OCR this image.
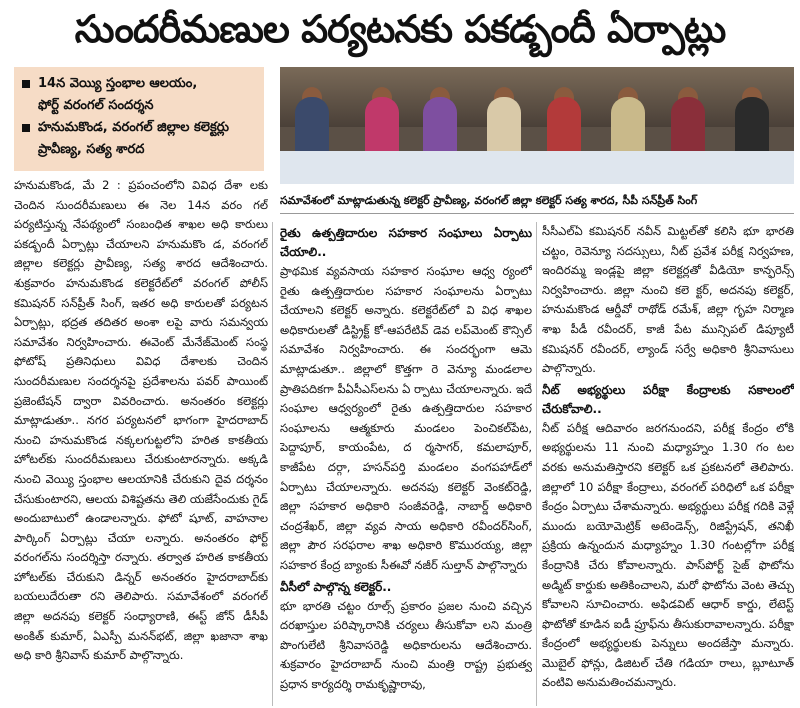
సుందరీమణుల పర్యటనకు పకడ్బందీ ఏర్పాట్లు
14న వెయ్యి స్తంభాల ఆలయం,
ఫోర్ట్ వరంగల్ సందర్శన
హనుమకొండ, వరంగల్ జిల్లాల కలెక్టర్లు
ప్రావీణ్య, సత్య శారద
సమావేశంలో మాట్లాడుతున్న కలెక్టర్ ప్రావీణ్య, వరంగల్ జిల్లా కలెక్టర్ సత్య శారద, సీపీ సన్‌ప్రీత్ సింగ్

హనుమకొండ, మే 2 : ప్రపంచంలోని వివిధ దేశా లకు చెందిన సుందరీమణులు ఈ నెల 14న వరం గల్ పర్యటిస్తున్న నేపథ్యంలో సంబంధిత శాఖల అధి కారులు పకడ్బందీ ఏర్పాట్లు చేయాలని హనుమకొం డ, వరంగల్ జిల్లాల కలెక్టర్లు ప్రావీణ్య, సత్య శారద ఆదేశించారు. శుక్రవారం హనుమకొండ కలెక్టరేట్‌లో వరంగల్ పోలీస్ కమిషనర్ సన్‌ప్రీత్ సింగ్, ఇతర అధి కారులతో పర్యటన ఏర్పాట్లు, భద్రత తదితర అంశా లపై వారు సమన్వయ సమావేశం నిర్వహించారు. ఈవెంట్ మేనేజ్‌మెంట్ సంస్థ ఫోటోష్ ప్రతినిధులు వివిధ దేశాలకు చెందిన సుందరీమణుల సందర్శనపై ప్రదేశాలను పవర్ పాయింట్ ప్రజెంటేషన్ ద్వారా వివరించారు. అనంతరం కలెక్టర్లు మాట్లాడుతూ.. నగర పర్యటనలో భాగంగా హైదరాబాద్ నుంచి హనుమకొండ నక్కలగుట్టలోని హరిత కాకతీయ హోటల్‌కు సుందరీమణులు చేరుకుంటారన్నారు. అక్కడి నుంచి వెయ్యి స్తంభాల ఆలయానికి చేరుకుని దైవ దర్శనం చేసుకుంటారని, ఆలయ విశిష్టతను తెలి యజేసేందుకు గైడ్ అందుబాటులో ఉండాలన్నారు. ఫోటో షూట్, వాహనాల పార్కింగ్ ఏర్పాట్లు చేయా లన్నారు. అనంతరం ఫోర్ట్ వరంగల్‌ను సందర్శిస్తా రన్నారు. తర్వాత హరిత కాకతీయ హోటల్‌కు చేరుకుని డిన్నర్ అనంతరం హైదరాబాద్‌కు బయలుదేరుతా రని తెలిపారు. సమావేశంలో వరంగల్ జిల్లా అదనపు కలెక్టర్ సంధ్యారాణి, ఈస్ట్ జోన్ డీసీపీ అంకిత్ కుమార్, ఏఎస్పీ మనన్‌భట్, జిల్లా ఖజానా శాఖ అధి కారి శ్రీనివాస్ కుమార్ పాల్గొన్నారు.

రైతు ఉత్పత్తిదారుల సహకార సంఘాలు ఏర్పాటు చేయాలి..

ప్రాథమిక వ్యవసాయ సహకార సంఘాల ఆధ్వ ర్యంలో రైతు ఉత్పత్తిదారుల సహకార సంఘాలను ఏర్పాటు చేయాలని కలెక్టర్ అన్నారు. కలెక్టరేట్‌లో వి విధ శాఖల అధికారులతో డిస్ట్రిక్ట్ కో-ఆపరేటివ్ డెవ లప్‌మెంట్ కౌన్సిల్ సమావేశం నిర్వహించారు. ఈ సందర్భంగా ఆమె మాట్లాడుతూ.. జిల్లాలో కొత్తగా రె వెన్యూ మండలాల ప్రాతిపదికగా పీఏసీఎస్‌లను ఏ ర్పాటు చేయాలన్నారు. ఇదే సంఘాల ఆధ్వర్యంలో రైతు ఉత్పత్తిదారుల సహకార సంఘాలను ఆత్మకూరు మండలం పెంచికల్‌పేట, పెద్దాపూర్, కాయంపేట, ద ర్మసాగర్, కమలాపూర్, కాజీపేట దర్గా, హసన్‌పర్తి మండలం వంగపహాడ్‌లో ఏర్పాటు చేయాలన్నారు. అదనపు కలెక్టర్ వెంకట్‌రెడ్డి, జిల్లా సహకార అధికారి సంజీవరెడ్డి, నాబార్డ్ అధికారి చంద్రశేఖర్, జిల్లా వ్యవ సాయ అధికారి రవీందర్‌సింగ్, జిల్లా పౌర సరఫరాల శాఖ అధికారి కొమురయ్య, జిల్లా సహకార కేంద్ర బ్యాంకు సీఈవో నజీర్ సుల్తాన్ పాల్గొన్నారు

వీసీలో పాల్గొన్న కలెక్టర్..

భూ భారతి చట్టం రూల్స్ ప్రకారం ప్రజల నుంచి వచ్చిన దరఖాస్తుల పరిష్కారానికి చర్యలు తీసుకోవా లని మంత్రి పొంగులేటి శ్రీనివాసరెడ్డి అధికారులను ఆదేశించారు. శుక్రవారం హైదరాబాద్ నుంచి మంత్రి రాష్ట్ర ప్రభుత్వ ప్రధాన కార్యదర్శి రామకృష్ణారావు,

సీసీఎల్ఏ కమిషనర్ నవీన్ మిట్టల్‌తో కలిసి భూ భారతి చట్టం, రెవెన్యూ సదస్సులు, నీట్ ప్రవేశ పరీక్ష నిర్వహణ, ఇందిరమ్మ ఇండ్లపై జిల్లా కలెక్టర్లతో వీడియో కాన్ఫరెన్స్ నిర్వహించారు. జిల్లా నుంచి కలె క్టర్, అదనపు కలెక్టర్, హనుమకొండ ఆర్డీవో రాథోడ్ రమేశ్, జిల్లా గృహ నిర్మాణ శాఖ పీడీ రవీందర్, కాజీ పేట మున్సిపల్ డిప్యూటీ కమిషనర్ రవీందర్, ల్యాండ్ సర్వే అధికారి శ్రీనివాసులు పాల్గొన్నారు.

నీట్ అభ్యర్థులు పరీక్షా కేంద్రాలకు సకాలంలో చేరుకోవాలి..

నీట్ పరీక్ష ఆదివారం జరగనుందని, పరీక్ష కేంద్రం లోకి అభ్యర్థులను 11 నుంచి మధ్యాహ్నం 1.30 గం టల వరకు అనుమతిస్తారని కలెక్టర్ ఒక ప్రకటనలో తెలిపారు. జిల్లాలో 10 పరీక్షా కేంద్రాలు, వరంగల్ పరిధిలో ఒక పరీక్షా కేంద్రం ఏర్పాటు చేశామన్నారు. అభ్యర్థులు పరీక్ష గదికి వెళ్లే ముందు బయోమెట్రిక్ అటెండెన్స్, రిజిస్ట్రేషన్, తనిఖీ ప్రక్రియ ఉన్నందున మధ్యాహ్నం 1.30 గంటల్లోగా పరీక్ష కేంద్రానికి చేరు కోవాలన్నారు. పాస్‌పోర్ట్ సైజ్ ఫొటోను అడ్మిట్ కార్డుకు అతికించాలని, మరో ఫొటోను వెంట తెచ్చు కోవాలని సూచించారు. అఫిడవిట్ ఆధార్ కార్డు, లేటెస్ట్ ఫొటోతో కూడిన ఐడీ ప్రూఫ్‌ను తీసుకురావాలన్నారు. పరీక్షా కేంద్రంలో అభ్యర్థులకు పెన్నులు అందజేస్తా మన్నారు. మొబైల్ ఫోన్లు, డిజిటల్ చేతి గడియా రాలు, బ్లూటూత్ వంటివి అనుమతించమన్నారు.
